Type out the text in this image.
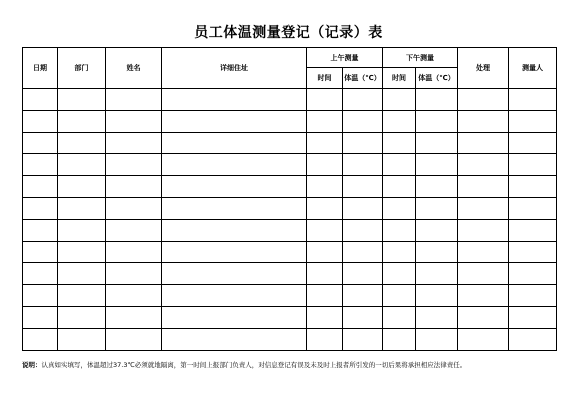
员工体温测量登记（记录）表
日期	部门	姓名	详细住址	上午测量		下午测量		处理	测量人
				时间	体温（℃）	时间	体温（℃）		

说明：认真如实填写，体温超过37.3℃必须就地隔离，第一时间上报部门负责人，对信息登记有误及未及时上报者所引发的一切后果将承担相应法律责任。
